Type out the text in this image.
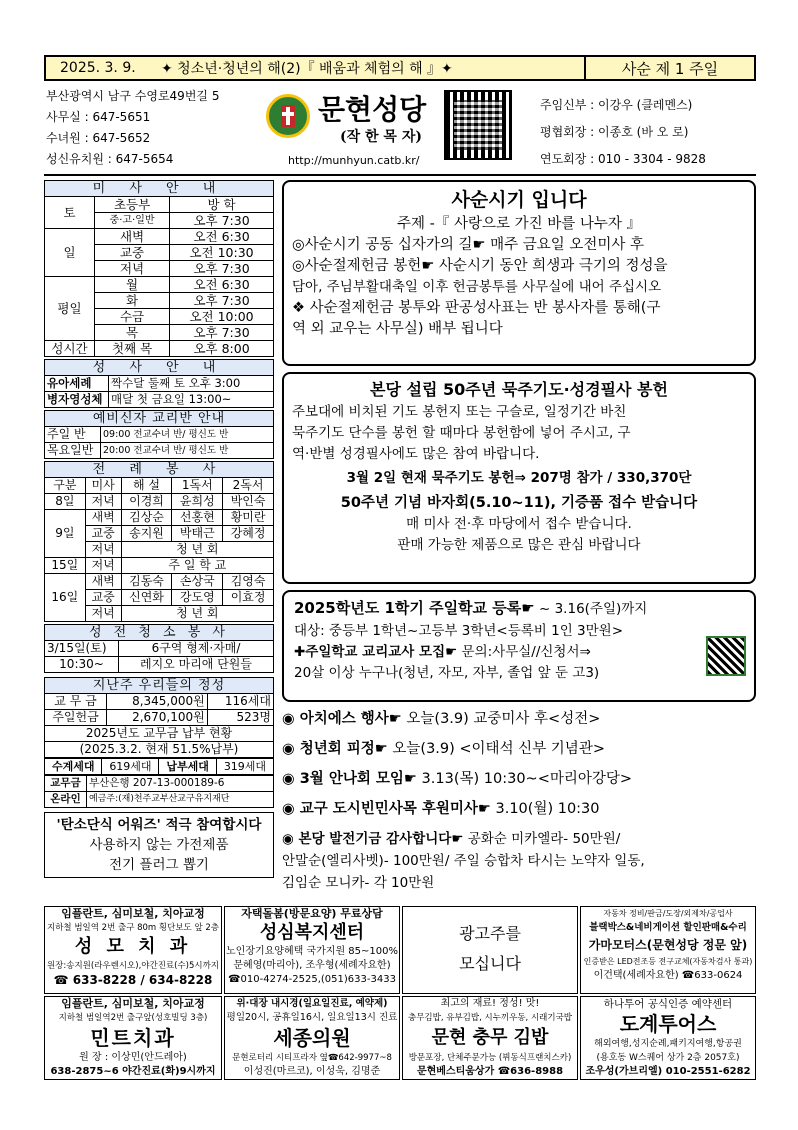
2025. 3. 9.	✦ 청소년·청년의 해(2)『 배움과 체험의 해 』✦	사순 제 1 주일
부산광역시 남구 수영로49번길 5
사무실 : 647-5651
수녀원 : 647-5652
성신유치원 : 647-5654
문현성당
(작 한 목 자)
http://munhyun.catb.kr/
주임신부 : 이강우 (클레멘스)
평협회장 : 이종호 (바 오 로)
연도회장 : 010 - 3304 - 9828
미 사 안 내		
토	초등부	방 학
	중·고·일반	오후 7:30
일	새벽	오전 6:30
	교중	오전 10:30
	저녁	오후 7:30
평일	월	오전 6:30
	화	오후 7:30
	수금	오전 10:00
	목	오후 7:30
성시간	첫째 목	오후 8:00
성 사 안 내	
유아세례	짝수달 둘째 토 오후 3:00
병자영성체	매달 첫 금요일 13:00~
예비신자 교리반 안내	
주일 반	09:00 전교수녀 반/ 평신도 반
목요일반	20:00 전교수녀 반/ 평신도 반
전 례 봉 사				
구분	미사	해 설	1독서	2독서
8일	저녁	이경희	윤희성	박인숙
9일	새벽	김상순	선홍현	황미란
	교중	송지원	박태근	강혜정
	저녁	청 년 회		
15일	저녁	주 일 학 교		
16일	새벽	김동숙	손상국	김영숙
	교중	신연화	강도영	이효정
	저녁	청 년 회		
성 전 청 소 봉 사	
3/15일(토)	6구역 형제·자매/
10:30~	레지오 마리애 단원들
지난주 우리들의 정성		
교 무 금	8,345,000원	116세대
주일헌금	2,670,100원	523명
2025년도 교무금 납부 현황		
(2025.3.2. 현재 51.5%납부)		
수계세대	619세대	납부세대	319세대
교무금	부산은행 207-13-000189-6
온라인	예금주:(재)천주교부산교구유지재단
'탄소단식 어워즈' 적극 참여합시다
사용하지 않는 가전제품
전기 플러그 뽑기
사순시기 입니다
주제 -『 사랑으로 가진 바를 나누자 』
◎사순시기 공동 십자가의 길☛ 매주 금요일 오전미사 후
◎사순절제헌금 봉헌☛ 사순시기 동안 희생과 극기의 정성을
담아, 주님부활대축일 이후 헌금봉투를 사무실에 내어 주십시오
❖ 사순절제헌금 봉투와 판공성사표는 반 봉사자를 통해(구
역 외 교우는 사무실) 배부 됩니다
본당 설립 50주년 묵주기도·성경필사 봉헌
주보대에 비치된 기도 봉헌지 또는 구슬로, 일정기간 바친
묵주기도 단수를 봉헌 할 때마다 봉헌함에 넣어 주시고, 구
역·반별 성경필사에도 많은 참여 바랍니다.
3월 2일 현재 묵주기도 봉헌⇒ 207명 참가 / 330,370단
50주년 기념 바자회(5.10~11), 기증품 접수 받습니다
매 미사 전·후 마당에서 접수 받습니다.
판매 가능한 제품으로 많은 관심 바랍니다
2025학년도 1학기 주일학교 등록☛ ~ 3.16(주일)까지
대상: 중등부 1학년~고등부 3학년<등록비 1인 3만원>
✚주일학교 교리교사 모집☛ 문의:사무실//신청서⇒
20살 이상 누구나(청년, 자모, 자부, 졸업 앞 둔 고3)
◉ 아치에스 행사☛ 오늘(3.9) 교중미사 후<성전>
◉ 청년회 피정☛ 오늘(3.9) <이태석 신부 기념관>
◉ 3월 안나회 모임☛ 3.13(목) 10:30~<마리아강당>
◉ 교구 도시빈민사목 후원미사☛ 3.10(월) 10:30
◉ 본당 발전기금 감사합니다☛ 공화순 미카엘라- 50만원/
안말순(엘리사벳)- 100만원/ 주일 승합차 타시는 노약자 일동,
김임순 모니카- 각 10만원
임플란트, 심미보철, 치아교정
지하철 범일역 2번 출구 80m 횡단보도 앞 2층
성 모 치 과
원장:송지원(라우렌시오),야간진료(수)5시까지
☎ 633-8228 / 634-8228
자택돌봄(방문요양) 무료상담
성심복지센터
노인장기요양혜택 국가지원 85~100%
문혜영(마리아), 조우형(세례자요한)
☎010-4274-2525,(051)633-3433
광고주를
모십니다
자동차 정비/판금/도장/외제차/공업사
블랙박스&네비게이션 할인판매&수리
가마모터스(문현성당 정문 앞)
인증받은 LED전조등 전구교체(자동차검사 통과)
이건택(세례자요한) ☎633-0624
임플란트, 심미보철, 치아교정
지하철 범일역2번 출구앞(성호빌딩 3층)
민트치과
원 장 : 이상민(안드레아)
638-2875~6 야간진료(화)9시까지
위·대장 내시경(일요일진료, 예약제)
평일20시, 공휴일16시, 일요일13시 진료
세종의원
문현로터리 시티프라자 옆☎642-9977~8
이성진(마르코), 이성욱, 김명준
최고의 재료! 정성! 맛!
충무김밥, 유부김밥, 시누끼우동, 시래기국밥
문현 충무 김밥
방문포장, 단체주문가능 (뷔동식프랜치스카)
문현베스티움상가 ☎636-8988
하나투어 공식인증 예약센터
도계투어스
해외여행,성지순례,패키지여행,항공권
(용호동 W스퀘어 상가 2층 2057호)
조우성(가브리엘) 010-2551-6282
